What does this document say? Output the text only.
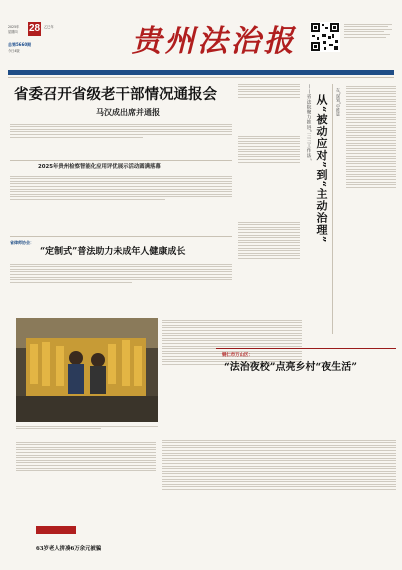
2025年
星期四 28 乙巳年
总第5660期
今日4版	贵州法治报
省委召开省级老干部情况通报会
马汉成出席并通报
2025年贵州检察智能化应用评优展示活动圆满落幕
省律师协会：
“定制式”普法助力未成年人健康成长
——省法院聚力推进“三三工作法” 从“被动应对”到“主动治理”	在“谋划”中推进
铜仁市万山区：
“法治夜校”点亮乡村“夜生活”
63岁老人拼凑6万余元被骗
